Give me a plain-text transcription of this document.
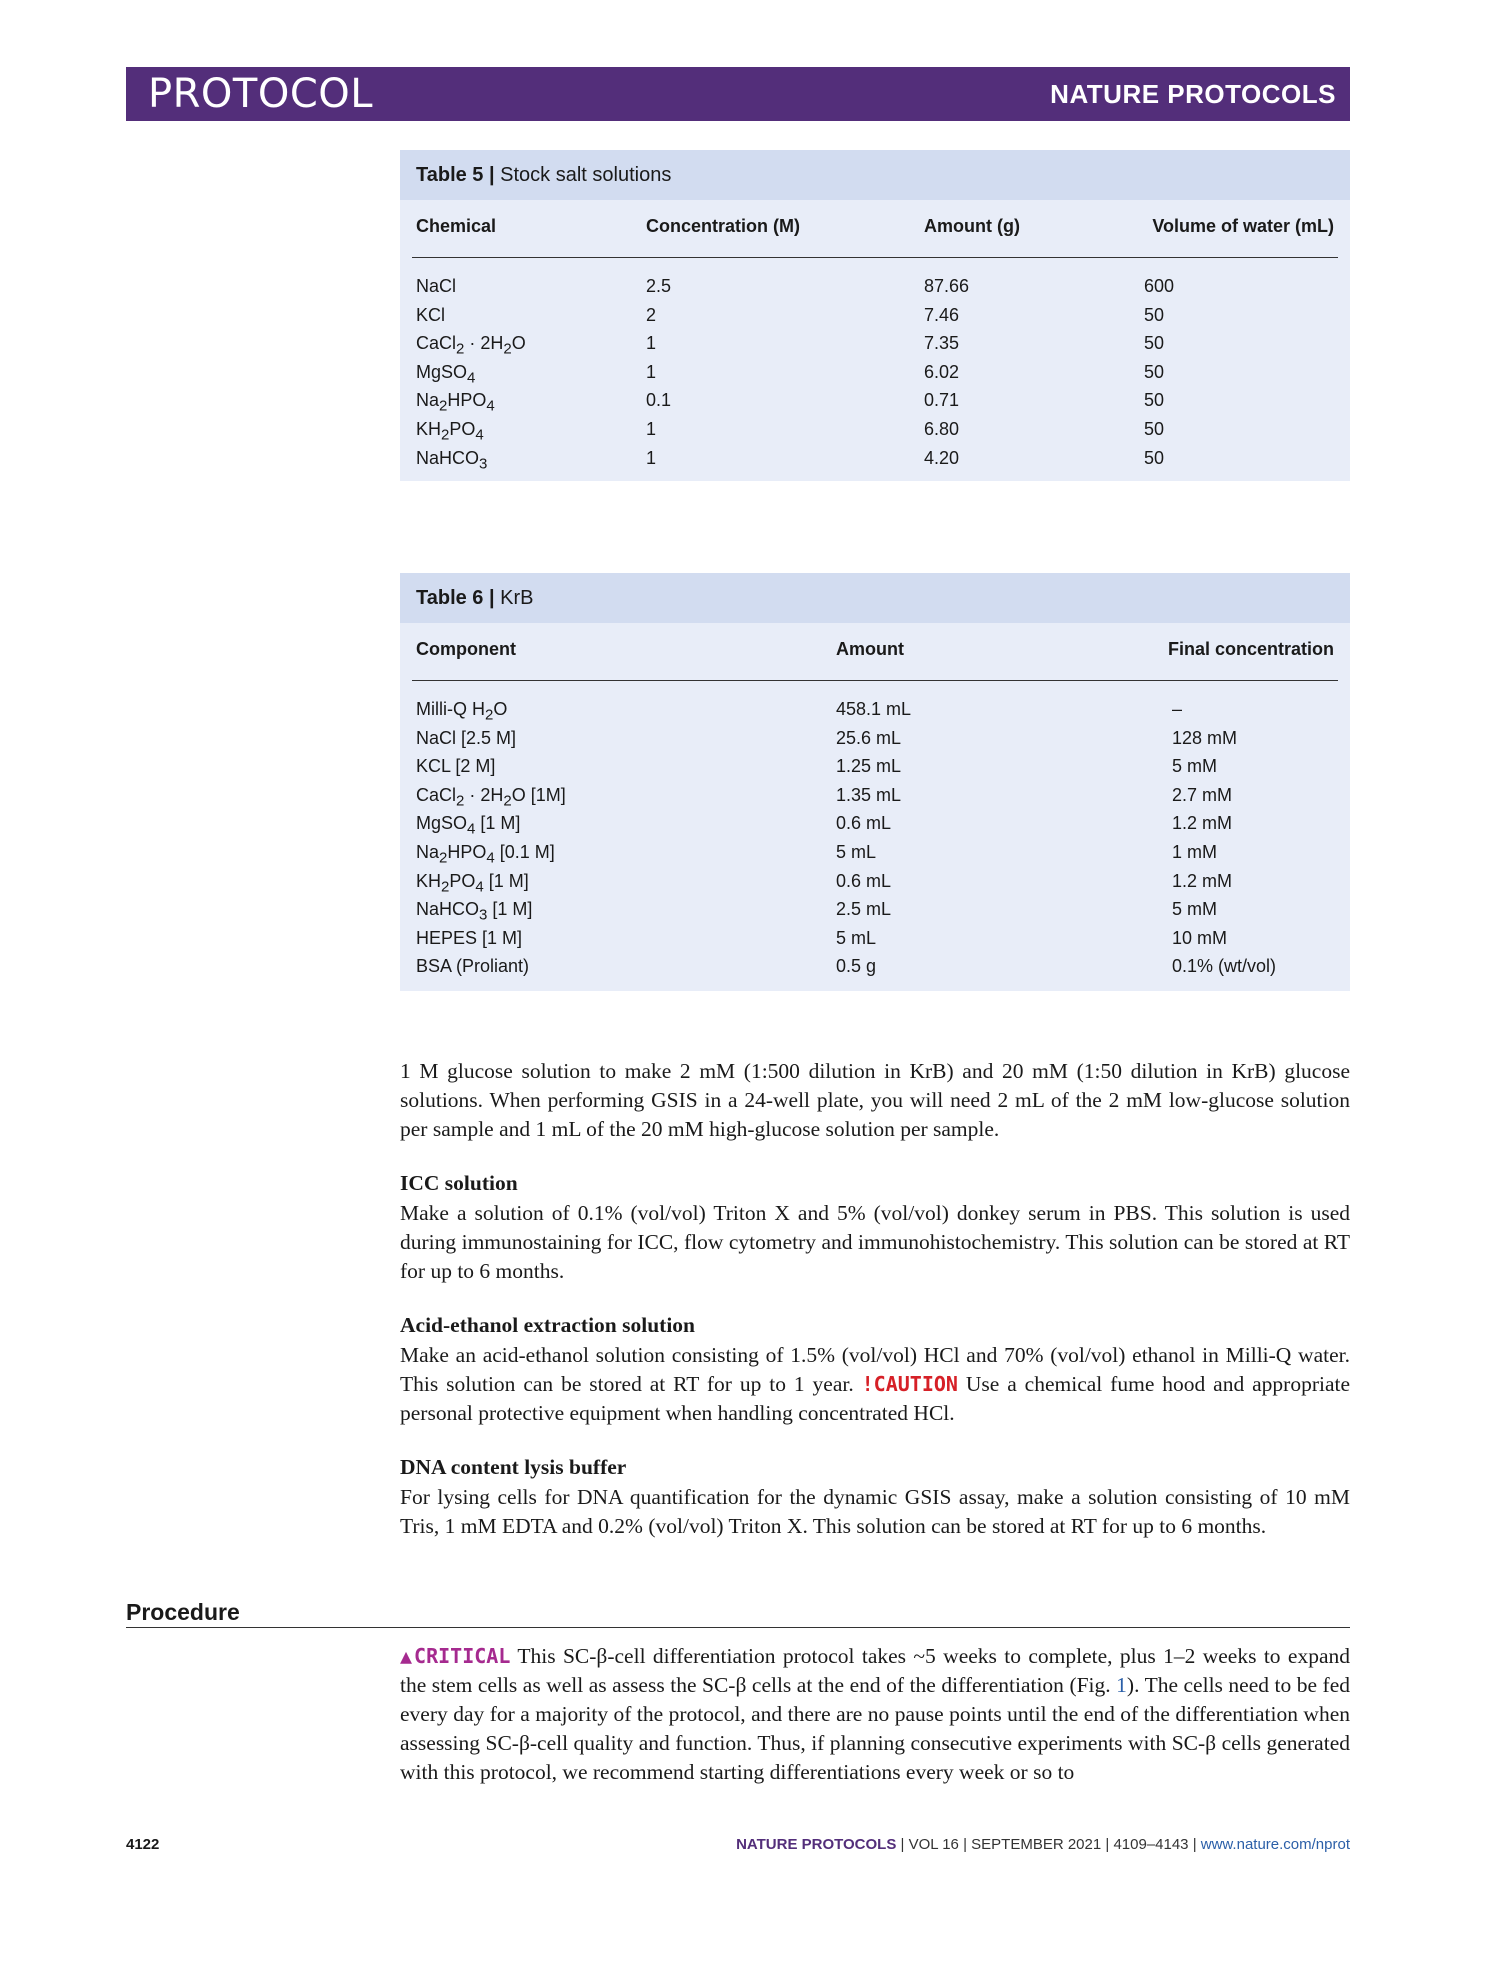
PROTOCOL	NATURE PROTOCOLS
Table 5 | Stock salt solutions
Chemical	Concentration (M)	Amount (g)	Volume of water (mL)
NaCl	2.5	87.66	600
KCl	2	7.46	50
CaCl$_2$ · $2H_2O$	1	7.35	50
MgSO$_4$	1	6.02	50
$Na_2HPO_4$	0.1	0.71	50
$KH_2PO_4$	1	6.80	50
NaHCO$_3$	1	4.20	50
Table 6 | KrB
Component	Amount	Final concentration
Milli-Q $H_2O$	458.1 mL	–
NaCl [2.5 M]	25.6 mL	128 mM
KCL [2 M]	1.25 mL	5 mM
CaCl$_2$ · $2H_2O$ [1M]	1.35 mL	2.7 mM
MgSO$_4$ [1 M]	0.6 mL	1.2 mM
$Na_2HPO_4$ [0.1 M]	5 mL	1 mM
$KH_2PO_4$ [1 M]	0.6 mL	1.2 mM
NaHCO$_3$ [1 M]	2.5 mL	5 mM
HEPES [1 M]	5 mL	10 mM
BSA (Proliant)	0.5 g	0.1% (wt/vol)
1 M glucose solution to make 2 mM (1:500 dilution in KrB) and 20 mM (1:50 dilution in KrB) glucose solutions. When performing GSIS in a 24-well plate, you will need 2 mL of the 2 mM low-glucose solution per sample and 1 mL of the 20 mM high-glucose solution per sample.
ICC solution
Make a solution of 0.1% (vol/vol) Triton X and 5% (vol/vol) donkey serum in PBS. This solution is used during immunostaining for ICC, flow cytometry and immunohistochemistry. This solution can be stored at RT for up to 6 months.
Acid-ethanol extraction solution
Make an acid-ethanol solution consisting of 1.5% (vol/vol) HCl and 70% (vol/vol) ethanol in Milli-Q water. This solution can be stored at RT for up to 1 year. !CAUTION Use a chemical fume hood and appropriate personal protective equipment when handling concentrated HCl.
DNA content lysis buffer
For lysing cells for DNA quantification for the dynamic GSIS assay, make a solution consisting of 10 mM Tris, 1 mM EDTA and 0.2% (vol/vol) Triton X. This solution can be stored at RT for up to 6 months.
Procedure
▲CRITICAL This SC-β-cell differentiation protocol takes ~5 weeks to complete, plus 1–2 weeks to expand the stem cells as well as assess the SC-β cells at the end of the differentiation (Fig. 1). The cells need to be fed every day for a majority of the protocol, and there are no pause points until the end of the differentiation when assessing SC-β-cell quality and function. Thus, if planning consecutive experiments with SC-β cells generated with this protocol, we recommend starting differentiations every week or so to
4122	NATURE PROTOCOLS | VOL 16 | SEPTEMBER 2021 | 4109–4143 | www.nature.com/nprot
